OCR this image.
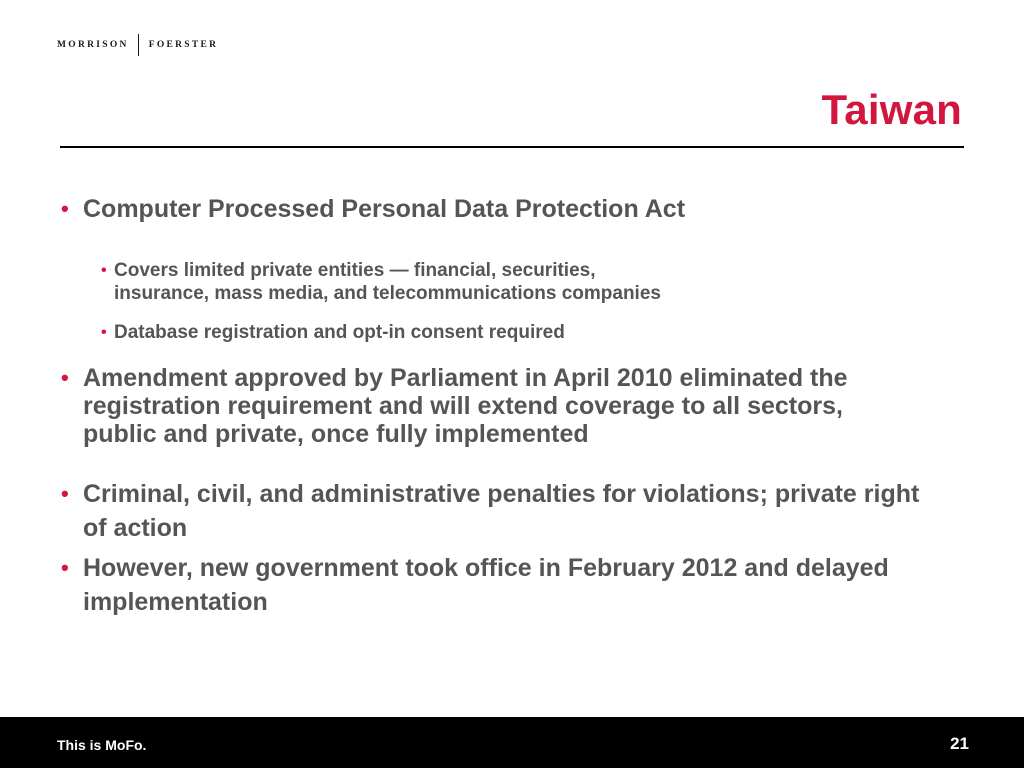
MORRISON FOERSTER
Taiwan
• Computer Processed Personal Data Protection Act
• Covers limited private entities — financial, securities,
insurance, mass media, and telecommunications companies
• Database registration and opt-in consent required
• Amendment approved by Parliament in April 2010 eliminated the registration requirement and will extend coverage to all sectors, public and private, once fully implemented
• Criminal, civil, and administrative penalties for violations; private right of action
• However, new government took office in February 2012 and delayed implementation
This is MoFo.	21
